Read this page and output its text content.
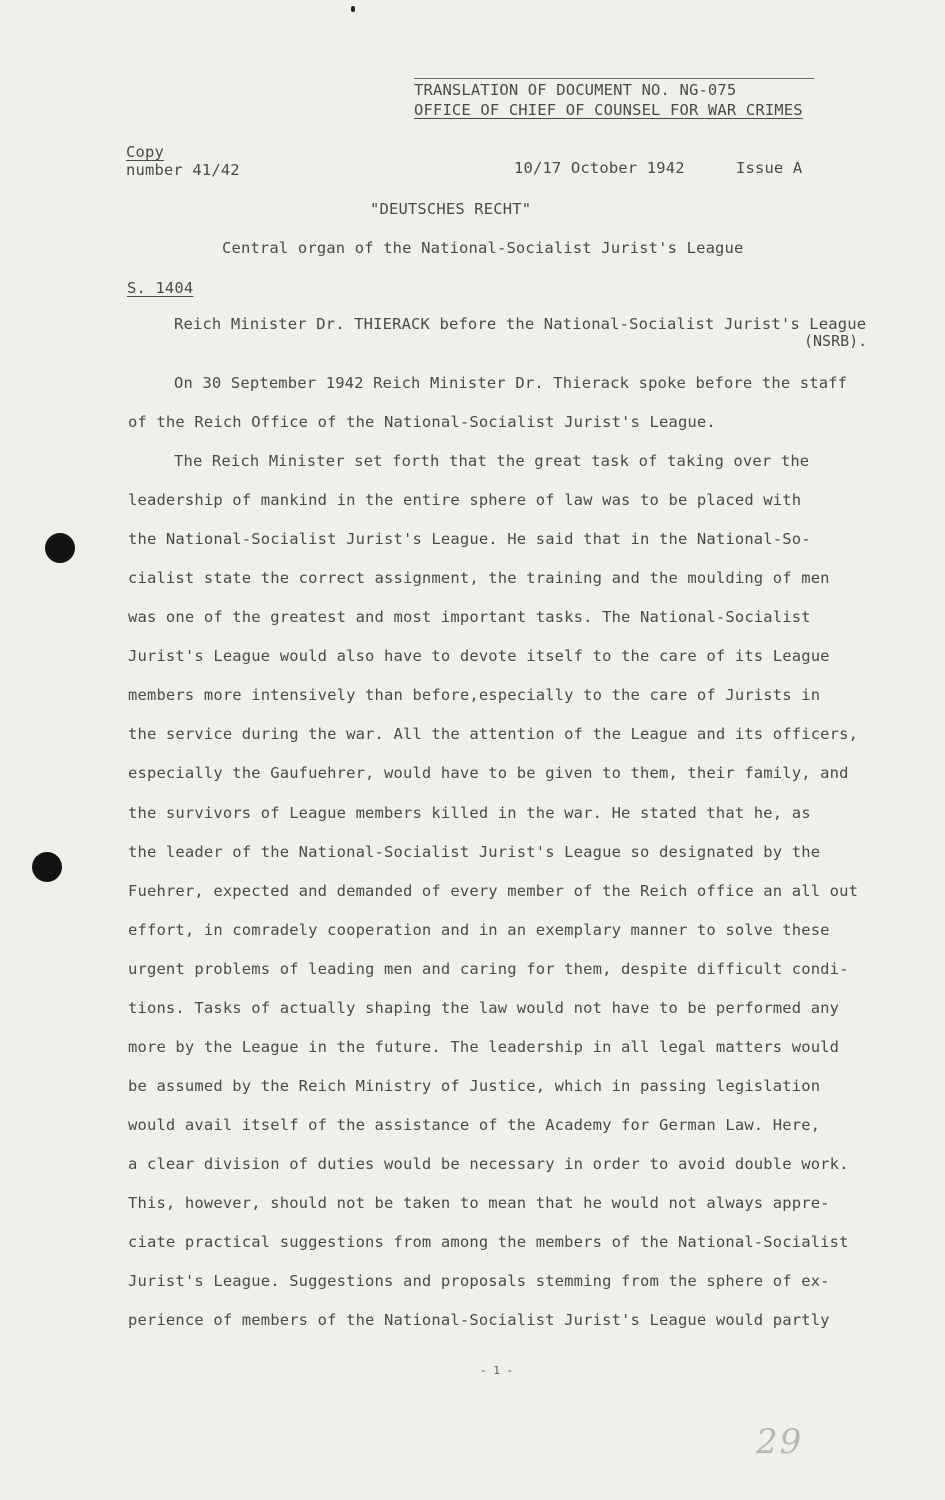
TRANSLATION OF DOCUMENT NO. NG-075
OFFICE OF CHIEF OF COUNSEL FOR WAR CRIMES
Copy
number 41/42	10/17 October 1942	Issue A
"DEUTSCHES RECHT"
Central organ of the National-Socialist Jurist's League
S. 1404
Reich Minister Dr. THIERACK before the National-Socialist Jurist's League
(NSRB).
On 30 September 1942 Reich Minister Dr. Thierack spoke before the staff
of the Reich Office of the National-Socialist Jurist's League.
The Reich Minister set forth that the great task of taking over the
leadership of mankind in the entire sphere of law was to be placed with
the National-Socialist Jurist's League. He said that in the National-So-
cialist state the correct assignment, the training and the moulding of men
was one of the greatest and most important tasks. The National-Socialist
Jurist's League would also have to devote itself to the care of its League
members more intensively than before,especially to the care of Jurists in
the service during the war. All the attention of the League and its officers,
especially the Gaufuehrer, would have to be given to them, their family, and
the survivors of League members killed in the war. He stated that he, as
the leader of the National-Socialist Jurist's League so designated by the
Fuehrer, expected and demanded of every member of the Reich office an all out
effort, in comradely cooperation and in an exemplary manner to solve these
urgent problems of leading men and caring for them, despite difficult condi-
tions. Tasks of actually shaping the law would not have to be performed any
more by the League in the future. The leadership in all legal matters would
be assumed by the Reich Ministry of Justice, which in passing legislation
would avail itself of the assistance of the Academy for German Law. Here,
a clear division of duties would be necessary in order to avoid double work.
This, however, should not be taken to mean that he would not always appre-
ciate practical suggestions from among the members of the National-Socialist
Jurist's League. Suggestions and proposals stemming from the sphere of ex-
perience of members of the National-Socialist Jurist's League would partly
- 1 -
29
